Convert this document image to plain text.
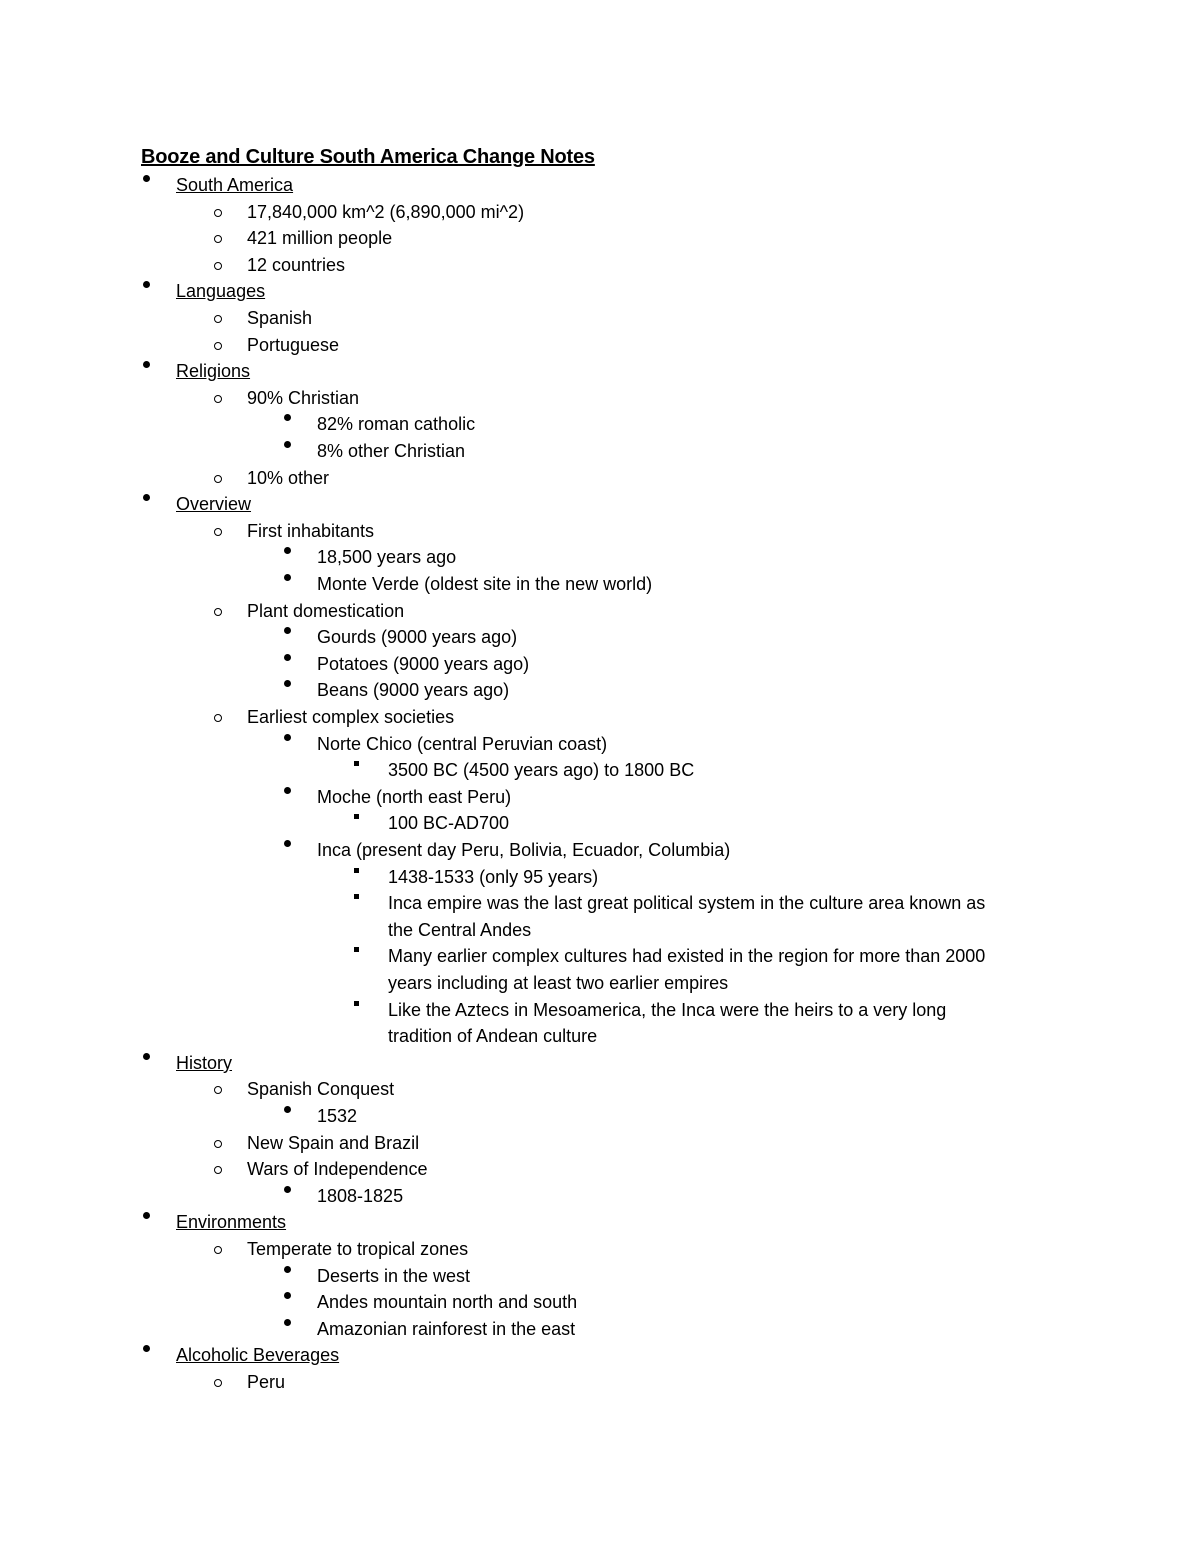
Booze and Culture South America Change Notes
South America
17,840,000 km^2 (6,890,000 mi^2)
421 million people
12 countries
Languages
Spanish
Portuguese
Religions
90% Christian
82% roman catholic
8% other Christian
10% other
Overview
First inhabitants
18,500 years ago
Monte Verde (oldest site in the new world)
Plant domestication
Gourds (9000 years ago)
Potatoes (9000 years ago)
Beans (9000 years ago)
Earliest complex societies
Norte Chico (central Peruvian coast)
3500 BC (4500 years ago) to 1800 BC
Moche (north east Peru)
100 BC-AD700
Inca (present day Peru, Bolivia, Ecuador, Columbia)
1438-1533 (only 95 years)
Inca empire was the last great political system in the culture area known as
the Central Andes
Many earlier complex cultures had existed in the region for more than 2000
years including at least two earlier empires
Like the Aztecs in Mesoamerica, the Inca were the heirs to a very long
tradition of Andean culture
History
Spanish Conquest
1532
New Spain and Brazil
Wars of Independence
1808-1825
Environments
Temperate to tropical zones
Deserts in the west
Andes mountain north and south
Amazonian rainforest in the east
Alcoholic Beverages
Peru
